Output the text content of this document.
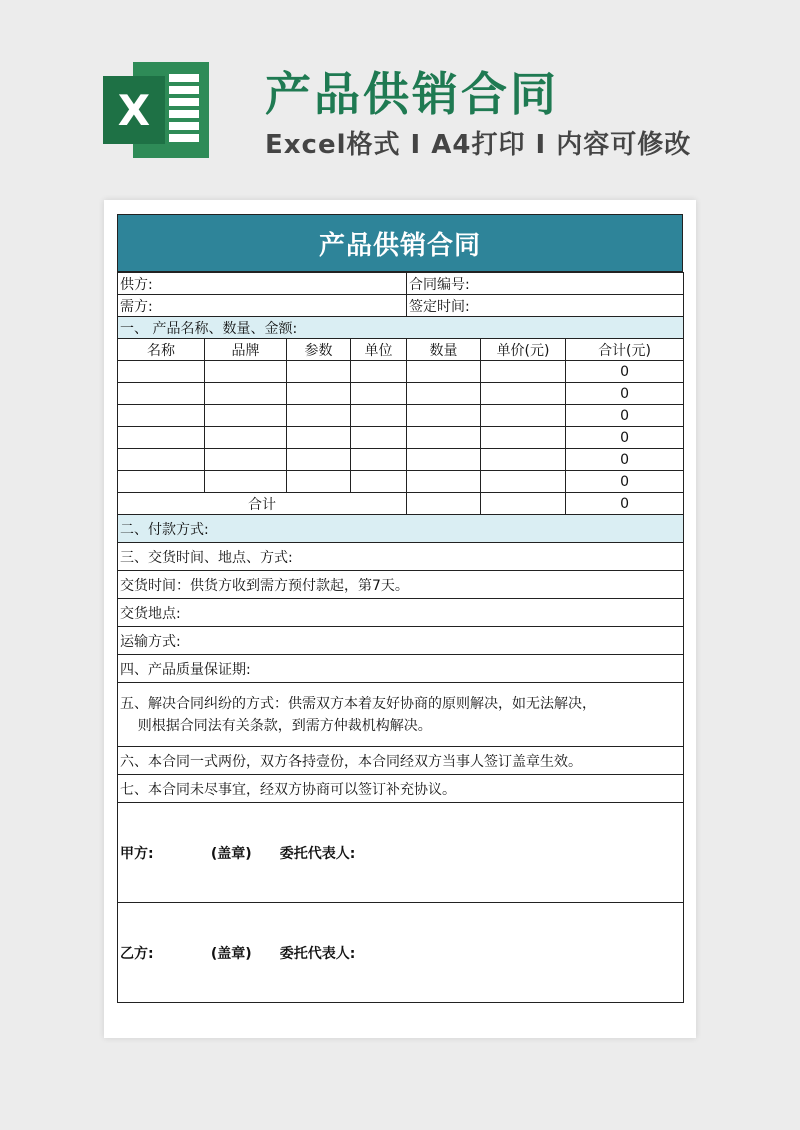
X	产品供销合同
Excel格式 I A4打印 I 内容可修改
产品供销合同
供方:				合同编号:		
需方:				签定时间:		
一、 产品名称、数量、金额:						
名称	品牌	参数	单位	数量	单价(元)	合计(元)
						0
						0
						0
						0
						0
						0
合计						0
二、付款方式:						
三、交货时间、地点、方式:						
交货时间：供货方收到需方预付款起，第7天。						
交货地点:						
运输方式:						
四、产品质量保证期:						

五、解决合同纠纷的方式：供需双方本着友好协商的原则解决，如无法解决，
则根据合同法有关条款，到需方仲裁机构解决。						

六、本合同一式两份，双方各持壹份，本合同经双方当事人签订盖章生效。						
七、本合同未尽事宜，经双方协商可以签订补充协议。						
甲方: (盖章) 委托代表人:						
乙方: (盖章) 委托代表人:						
